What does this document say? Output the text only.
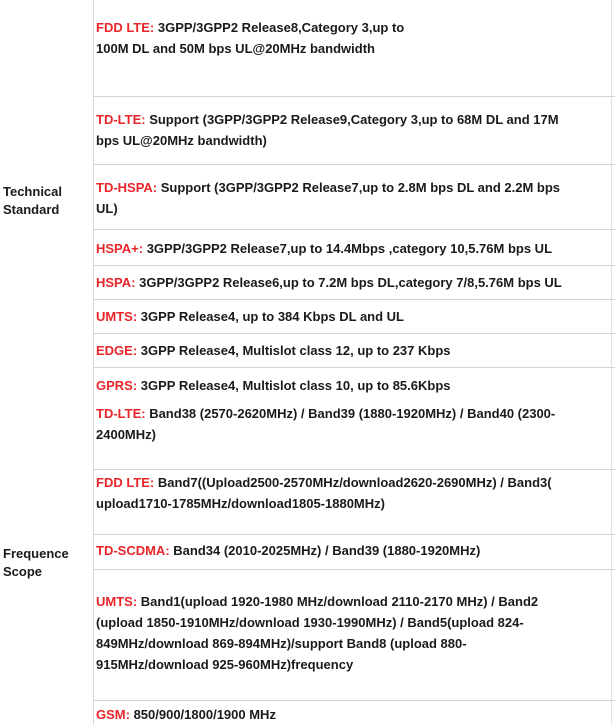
Technical
Standard
Frequence
Scope
FDD LTE: 3GPP/3GPP2 Release8,Category 3,up to
100M DL and 50M bps UL@20MHz bandwidth
TD-LTE: Support (3GPP/3GPP2 Release9,Category 3,up to 68M DL and 17M
bps UL@20MHz bandwidth)
TD-HSPA: Support (3GPP/3GPP2 Release7,up to 2.8M bps DL and 2.2M bps
UL)
HSPA+: 3GPP/3GPP2 Release7,up to 14.4Mbps ,category 10,5.76M bps UL
HSPA: 3GPP/3GPP2 Release6,up to 7.2M bps DL,category 7/8,5.76M bps UL
UMTS: 3GPP Release4, up to 384 Kbps DL and UL
EDGE: 3GPP Release4, Multislot class 12, up to 237 Kbps
GPRS: 3GPP Release4, Multislot class 10, up to 85.6Kbps
TD-LTE: Band38 (2570-2620MHz) / Band39 (1880-1920MHz) / Band40 (2300-
2400MHz)
FDD LTE: Band7((Upload2500-2570MHz/download2620-2690MHz) / Band3(
upload1710-1785MHz/download1805-1880MHz)
TD-SCDMA: Band34 (2010-2025MHz) / Band39 (1880-1920MHz)
UMTS: Band1(upload 1920-1980 MHz/download 2110-2170 MHz) / Band2
(upload 1850-1910MHz/download 1930-1990MHz) / Band5(upload 824-
849MHz/download 869-894MHz)/support Band8 (upload 880-
915MHz/download 925-960MHz)frequency
GSM: 850/900/1800/1900 MHz
